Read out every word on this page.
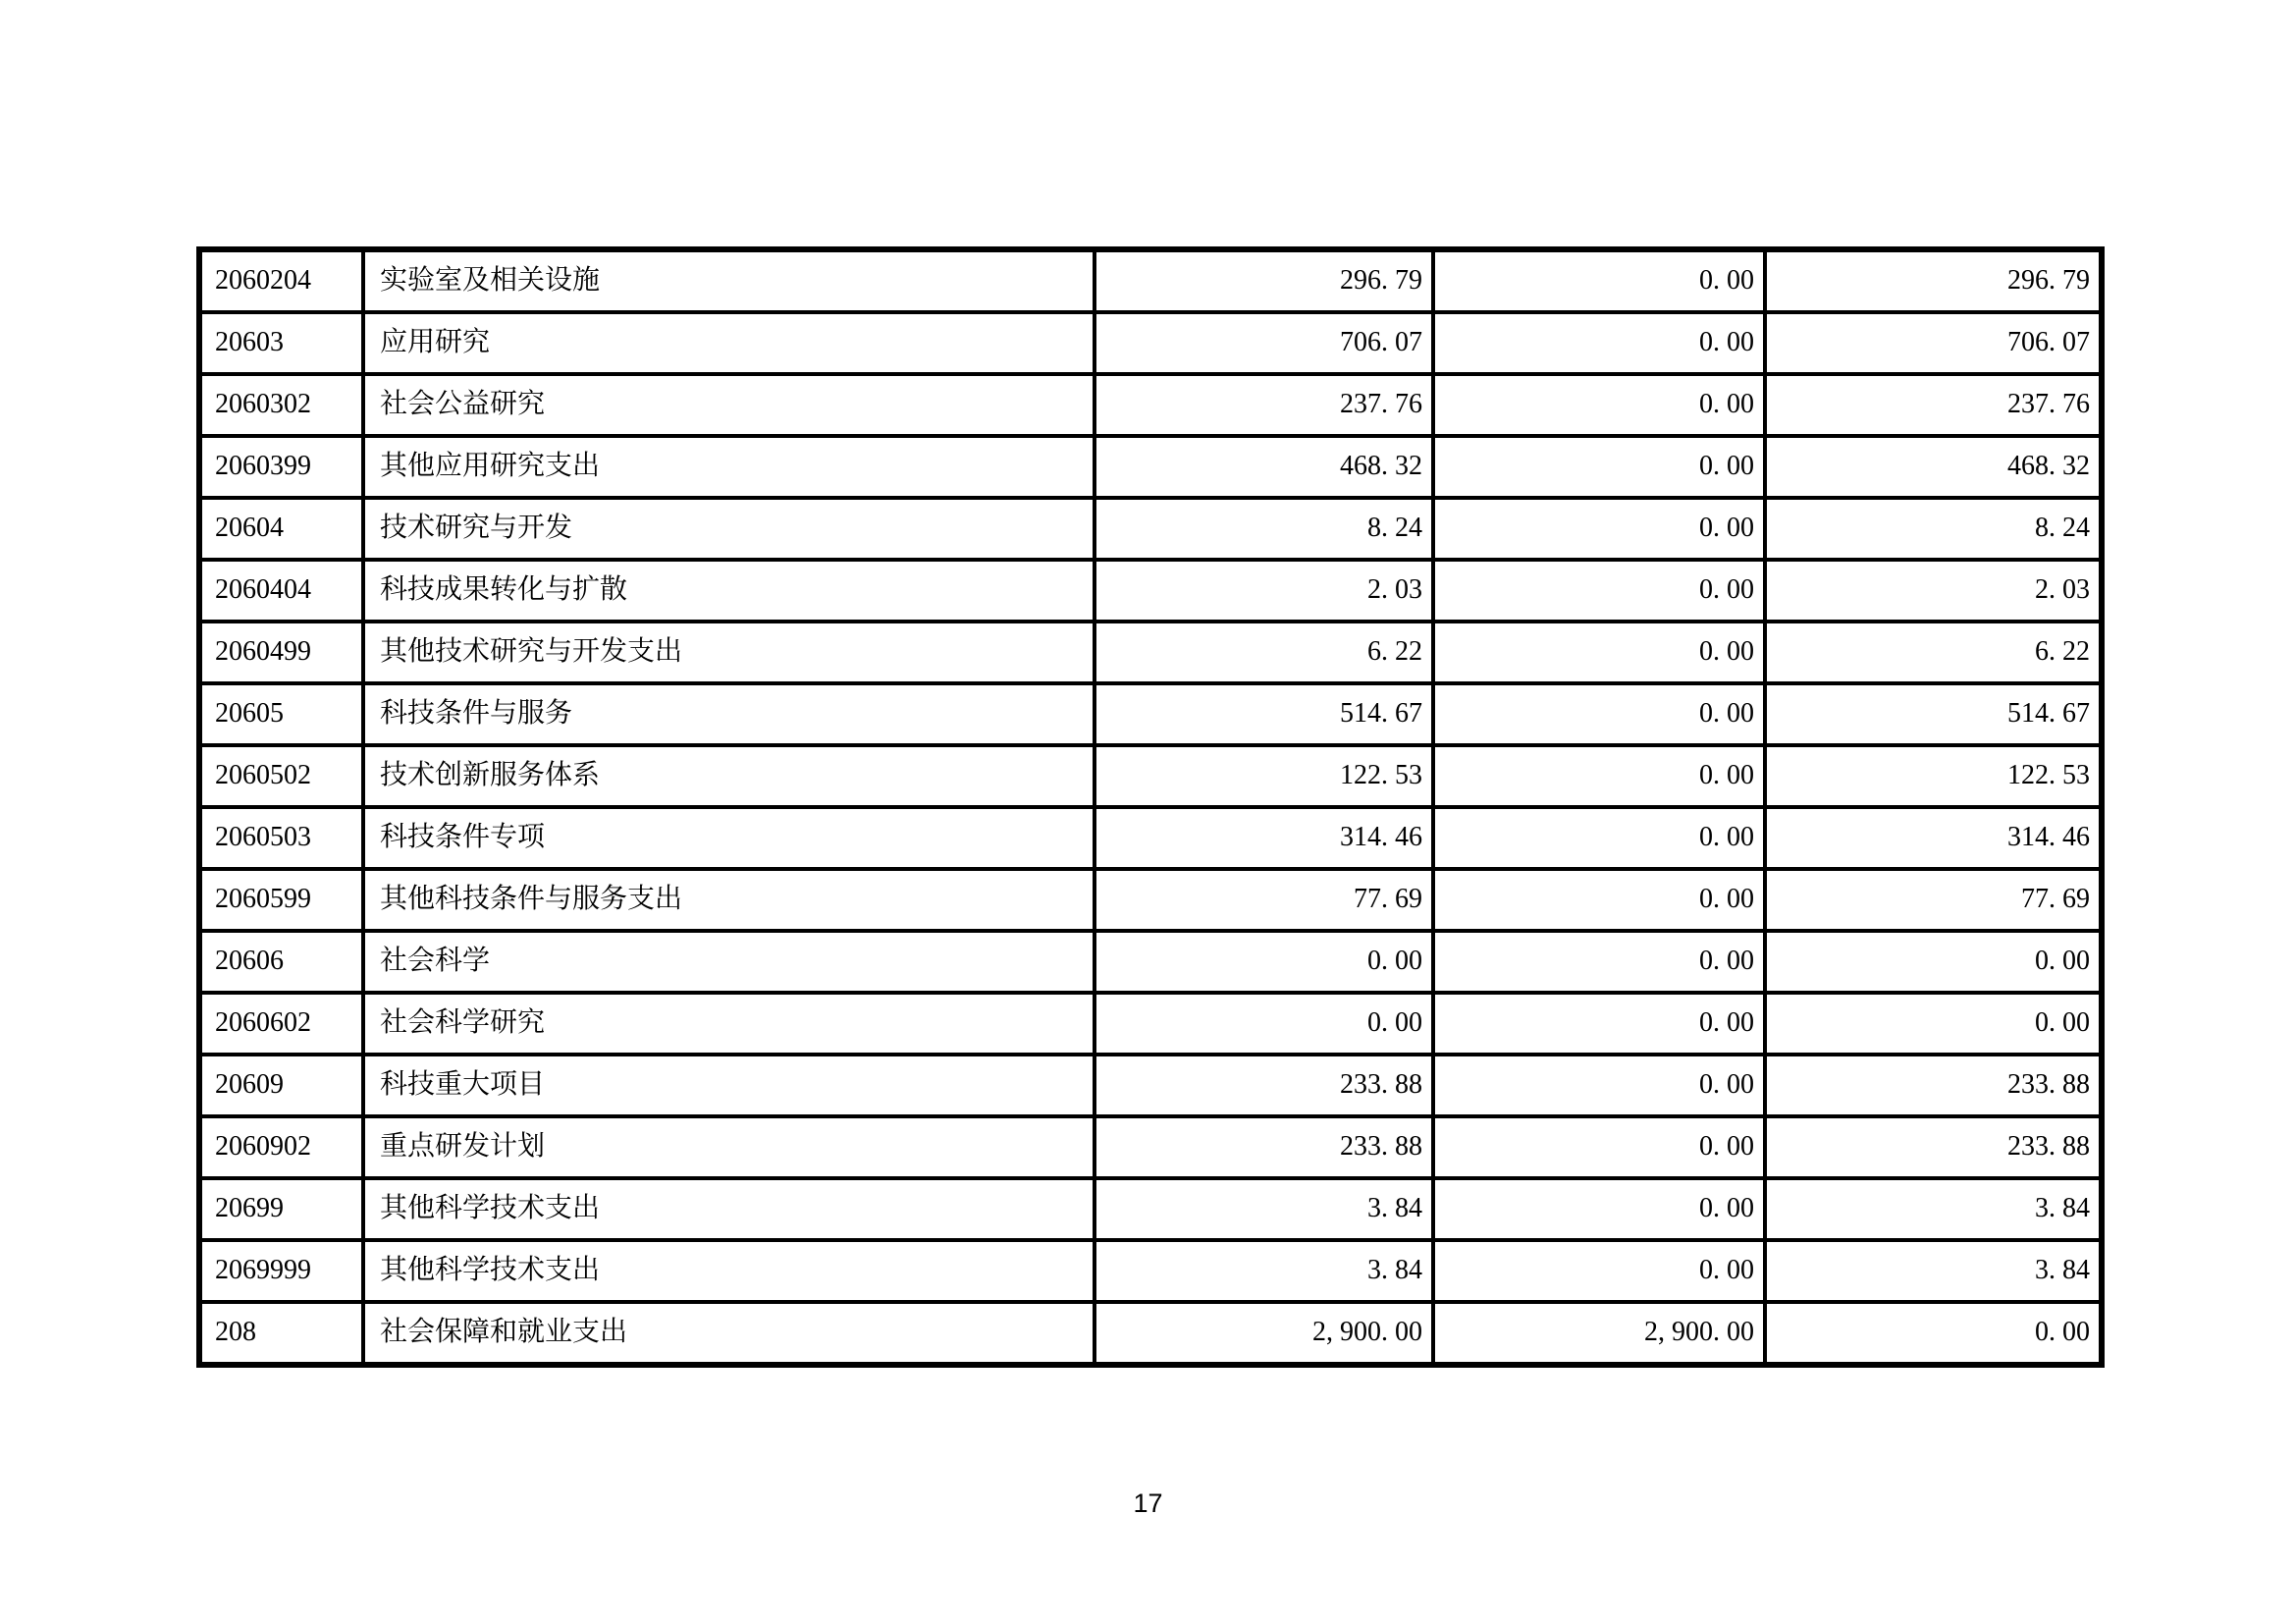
2060204	实验室及相关设施	296. 79	0. 00	296. 79
20603	应用研究	706. 07	0. 00	706. 07
2060302	社会公益研究	237. 76	0. 00	237. 76
2060399	其他应用研究支出	468. 32	0. 00	468. 32
20604	技术研究与开发	8. 24	0. 00	8. 24
2060404	科技成果转化与扩散	2. 03	0. 00	2. 03
2060499	其他技术研究与开发支出	6. 22	0. 00	6. 22
20605	科技条件与服务	514. 67	0. 00	514. 67
2060502	技术创新服务体系	122. 53	0. 00	122. 53
2060503	科技条件专项	314. 46	0. 00	314. 46
2060599	其他科技条件与服务支出	77. 69	0. 00	77. 69
20606	社会科学	0. 00	0. 00	0. 00
2060602	社会科学研究	0. 00	0. 00	0. 00
20609	科技重大项目	233. 88	0. 00	233. 88
2060902	重点研发计划	233. 88	0. 00	233. 88
20699	其他科学技术支出	3. 84	0. 00	3. 84
2069999	其他科学技术支出	3. 84	0. 00	3. 84
208	社会保障和就业支出	2, 900. 00	2, 900. 00	0. 00
17
